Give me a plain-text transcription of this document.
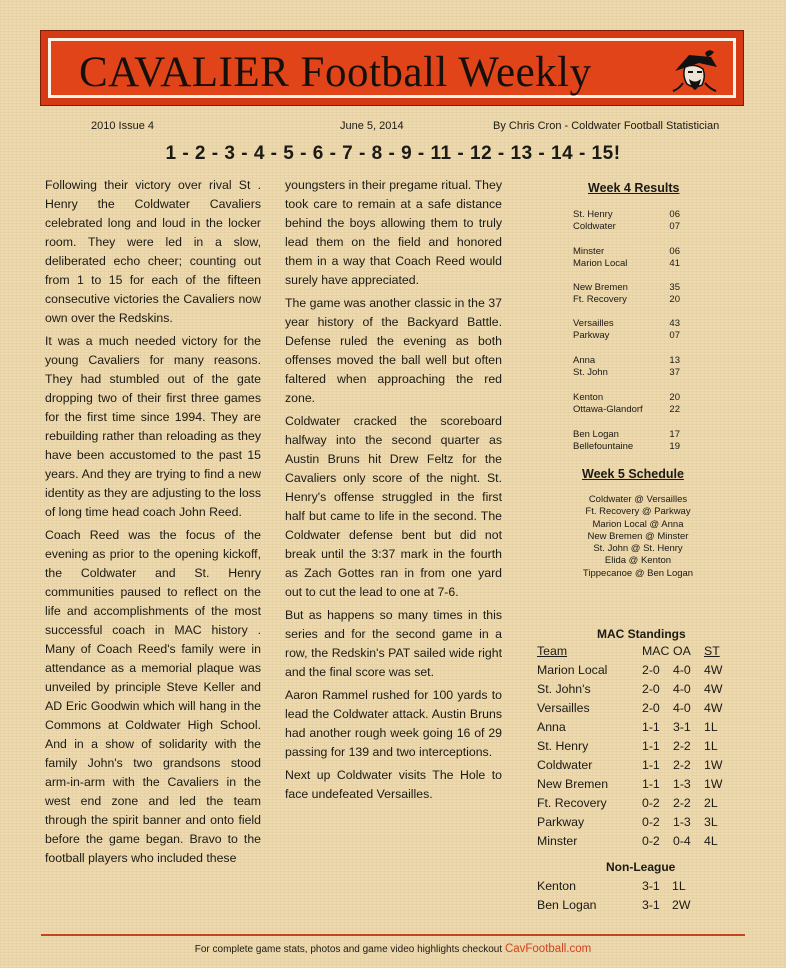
CAVALIER Football Weekly
2010 Issue 4	June 5, 2014	By Chris Cron - Coldwater Football Statistician
1 - 2 - 3 - 4 - 5 - 6 - 7 - 8 - 9 - 11 - 12 - 13 - 14 - 15!

Following their victory over rival St . Henry the Coldwater Cavaliers celebrated long and loud in the locker room. They were led in a slow, deliberated echo cheer; counting out from 1 to 15 for each of the fifteen consecutive victories the Cavaliers now own over the Redskins.

It was a much needed victory for the young Cavaliers for many reasons. They had stumbled out of the gate dropping two of their first three games for the first time since 1994. They are rebuilding rather than reloading as they have been accustomed to the past 15 years. And they are trying to find a new identity as they are adjusting to the loss of long time head coach John Reed.

Coach Reed was the focus of the evening as prior to the opening kickoff, the Coldwater and St. Henry communities paused to reflect on the life and accomplishments of the most successful coach in MAC history . Many of Coach Reed's family were in attendance as a memorial plaque was unveiled by principle Steve Keller and AD Eric Goodwin which will hang in the Commons at Coldwater High School. And in a show of solidarity with the family John's two grandsons stood arm-in-arm with the Cavaliers in the west end zone and led the team through the spirit banner and onto field before the game began. Bravo to the football players who included these

youngsters in their pregame ritual. They took care to remain at a safe distance behind the boys allowing them to truly lead them on the field and honored them in a way that Coach Reed would surely have appreciated.

The game was another classic in the 37 year history of the Backyard Battle. Defense ruled the evening as both offenses moved the ball well but often faltered when approaching the red zone.

Coldwater cracked the scoreboard halfway into the second quarter as Austin Bruns hit Drew Feltz for the Cavaliers only score of the night. St. Henry's offense struggled in the first half but came to life in the second. The Coldwater defense bent but did not break until the 3:37 mark in the fourth as Zach Gottes ran in from one yard out to cut the lead to one at 7-6.

But as happens so many times in this series and for the second game in a row, the Redskin's PAT sailed wide right and the final score was set.

Aaron Rammel rushed for 100 yards to lead the Coldwater attack. Austin Bruns had another rough week going 16 of 29 passing for 139 and two interceptions.

Next up Coldwater visits The Hole to face undefeated Versailles.

Week 4 Results
St. Henry	06
Coldwater	07
Minster	06
Marion Local	41
New Bremen	35
Ft. Recovery	20
Versailles	43
Parkway	07
Anna	13
St. John	37
Kenton	20
Ottawa-Glandorf	22
Ben Logan	17
Bellefountaine	19
Week 5 Schedule
Coldwater @ Versailles
Ft. Recovery @ Parkway
Marion Local @ Anna
New Bremen @ Minster
St. John @ St. Henry
Elida @ Kenton
Tippecanoe @ Ben Logan
MAC Standings
Team	MAC OA ST
Marion Local	2-0 4-0 4W
St. John's	2-0 4-0 4W
Versailles	2-0 4-0 4W
Anna	1-1 3-1 1L
St. Henry	1-1 2-2 1L
Coldwater	1-1 2-2 1W
New Bremen	1-1 1-3 1W
Ft. Recovery	0-2 2-2 2L
Parkway	0-2 1-3 3L
Minster	0-2 0-4 4L
Non-League
Kenton	3-1 1L
Ben Logan	3-1 2W
For complete game stats, photos and game video highlights checkout CavFootball.com
